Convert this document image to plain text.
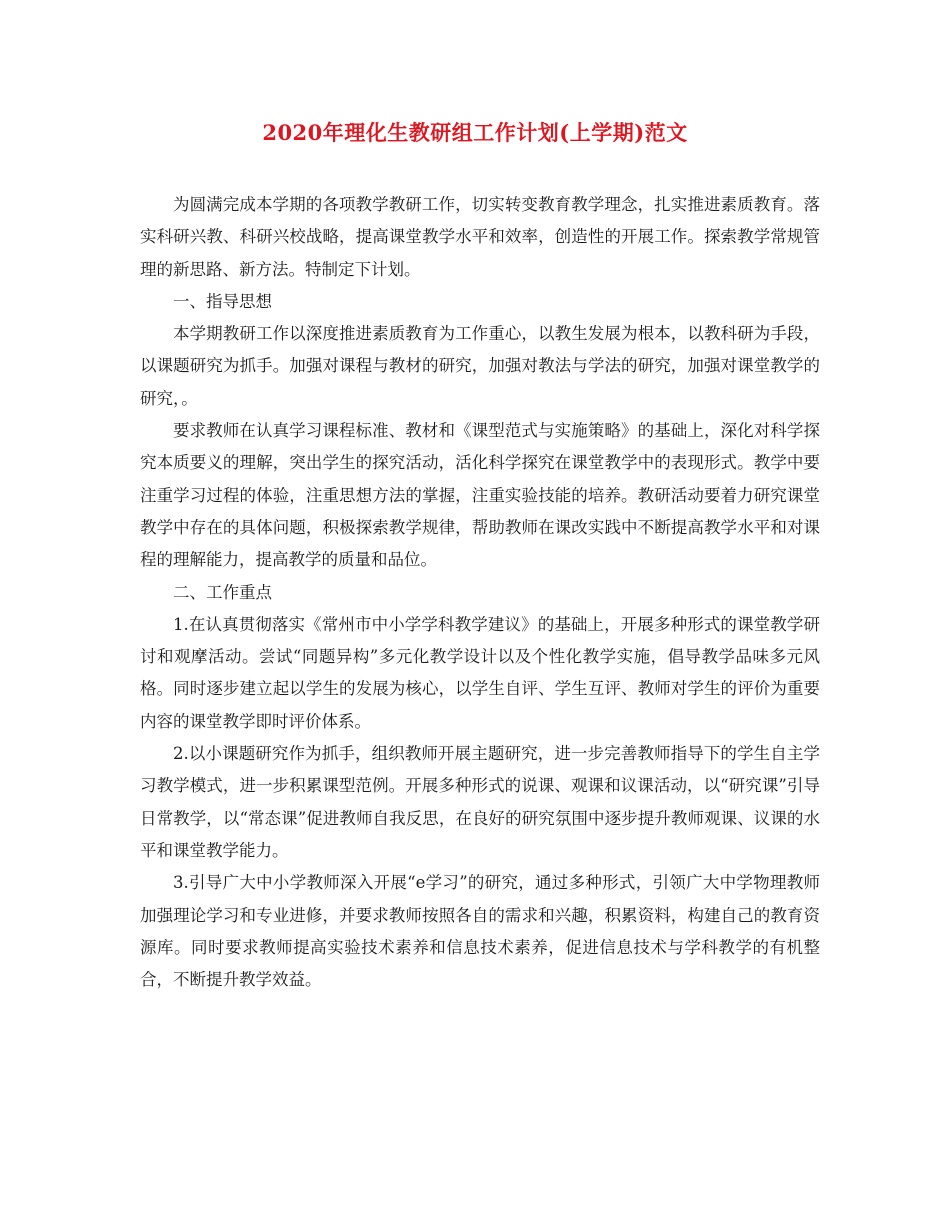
2020年理化生教研组工作计划(上学期)范文

为圆满完成本学期的各项教学教研工作，切实转变教育教学理念，扎实推进素质教育。落实科研兴教、科研兴校战略，提高课堂教学水平和效率，创造性的开展工作。探索教学常规管理的新思路、新方法。特制定下计划。

一、指导思想

本学期教研工作以深度推进素质教育为工作重心，以教生发展为根本，以教科研为手段，以课题研究为抓手。加强对课程与教材的研究，加强对教法与学法的研究，加强对课堂教学的研究，。

要求教师在认真学习课程标准、教材和《课型范式与实施策略》的基础上，深化对科学探究本质要义的理解，突出学生的探究活动，活化科学探究在课堂教学中的表现形式。教学中要注重学习过程的体验，注重思想方法的掌握，注重实验技能的培养。教研活动要着力研究课堂教学中存在的具体问题，积极探索教学规律，帮助教师在课改实践中不断提高教学水平和对课程的理解能力，提高教学的质量和品位。

二、工作重点

1.在认真贯彻落实《常州市中小学学科教学建议》的基础上，开展多种形式的课堂教学研讨和观摩活动。尝试“同题异构”多元化教学设计以及个性化教学实施，倡导教学品味多元风格。同时逐步建立起以学生的发展为核心，以学生自评、学生互评、教师对学生的评价为重要内容的课堂教学即时评价体系。

2.以小课题研究作为抓手，组织教师开展主题研究，进一步完善教师指导下的学生自主学习教学模式，进一步积累课型范例。开展多种形式的说课、观课和议课活动，以“研究课”引导日常教学，以“常态课”促进教师自我反思，在良好的研究氛围中逐步提升教师观课、议课的水平和课堂教学能力。

3.引导广大中小学教师深入开展“e学习”的研究，通过多种形式，引领广大中学物理教师加强理论学习和专业进修，并要求教师按照各自的需求和兴趣，积累资料，构建自己的教育资源库。同时要求教师提高实验技术素养和信息技术素养，促进信息技术与学科教学的有机整合，不断提升教学效益。
